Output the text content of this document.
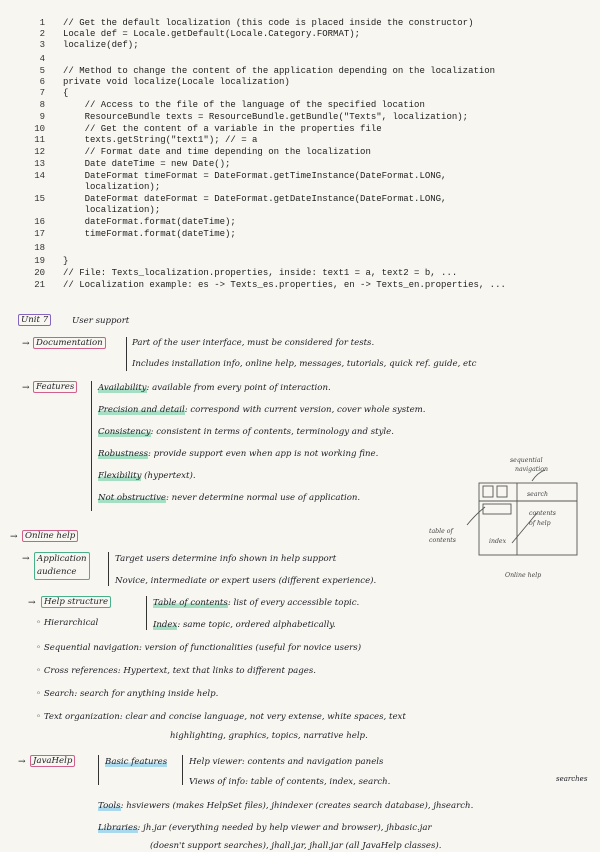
1 // Get the default localization (this code is placed inside the constructor)
2 Locale def = Locale.getDefault(Locale.Category.FORMAT);
3 localize(def);
4
5 // Method to change the content of the application depending on the localization
6 private void localize(Locale localization)
7 {
8 // Access to the file of the language of the specified location
9 ResourceBundle texts = ResourceBundle.getBundle("Texts", localization);
10 // Get the content of a variable in the properties file
11 texts.getString("text1"); // = a
12 // Format date and time depending on the localization
13 Date dateTime = new Date();
14 DateFormat timeFormat = DateFormat.getTimeInstance(DateFormat.LONG,
localization);
15 DateFormat dateFormat = DateFormat.getDateInstance(DateFormat.LONG,
localization);
16 dateFormat.format(dateTime);
17 timeFormat.format(dateTime);
18
19 }
20 // File: Texts_localization.properties, inside: text1 = a, text2 = b, ...
21 // Localization example: es -> Texts_es.properties, en -> Texts_en.properties, ...
Unit 7	User support
→ Documentation	Part of the user interface, must be considered for tests.
Includes installation info, online help, messages, tutorials, quick ref. guide, etc
→ Features	Availability: available from every point of interaction.
Precision and detail: correspond with current version, cover whole system.
Consistency: consistent in terms of contents, terminology and style.
Robustness: provide support even when app is not working fine.
Flexibility (hypertext).
Not obstructive: never determine normal use of application.
→ Online help
→ Application
audience
Target users determine info shown in help support
Novice, intermediate or expert users (different experience).
→ Help structure	Table of contents: list of every accessible topic.
◦ Hierarchical	Index: same topic, ordered alphabetically.
◦ Sequential navigation: version of functionalities (useful for novice users)
◦ Cross references: Hypertext, text that links to different pages.
◦ Search: search for anything inside help.
◦ Text organization: clear and concise language, not very extense, white spaces, text
highlighting, graphics, topics, narrative help.
→ JavaHelp	Basic features	Help viewer: contents and navigation panels
Views of info: table of contents, index, search.
Tools: hsviewers (makes HelpSet files), jhindexer (creates search database), jhsearch.
Libraries: jh.jar (everything needed by help viewer and browser), jhbasic.jar
(doesn't support searches), jhall.jar, jhall.jar (all JavaHelp classes).
searches
sequential
navigation
search
contents
of help
table of
contents	index
Online help
